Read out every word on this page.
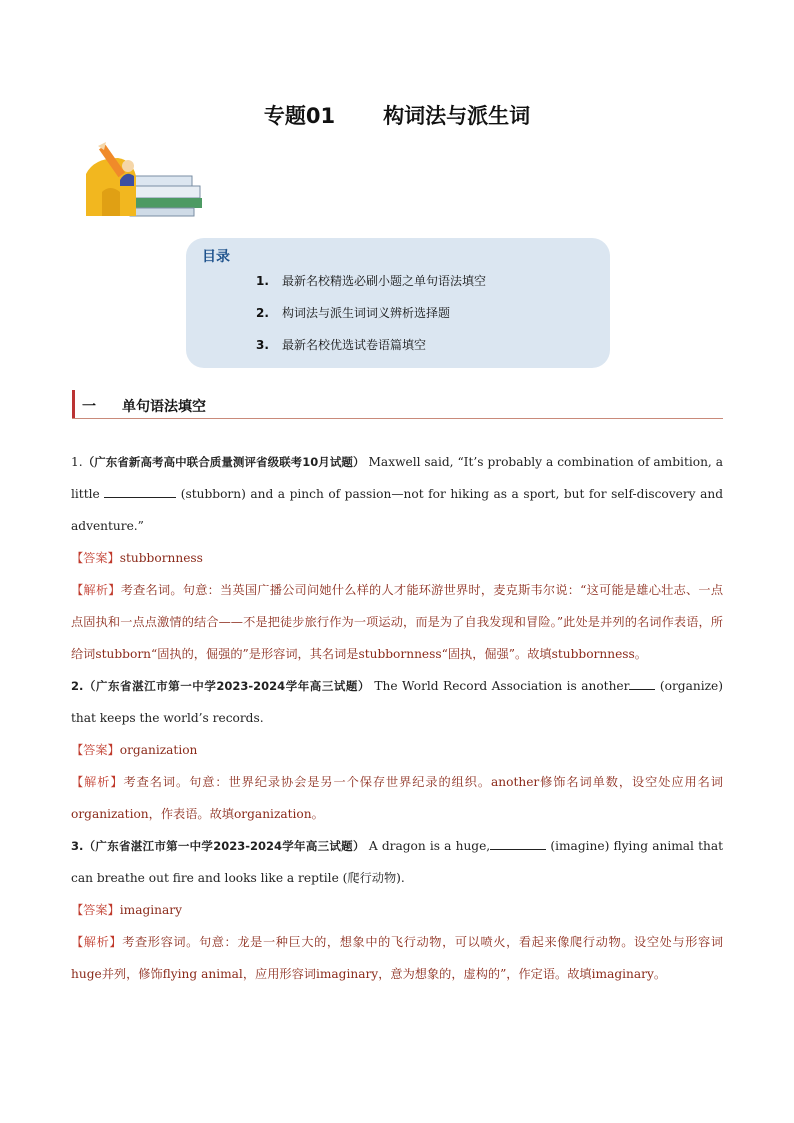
专题01 构词法与派生词
目录
1. 最新名校精选必刷小题之单句语法填空
2. 构词法与派生词词义辨析选择题
3. 最新名校优选试卷语篇填空
一 单句语法填空

1.（广东省新高考高中联合质量测评省级联考10月试题） Maxwell said, “It’s probably a combination of ambition, a little	(stubborn) and a pinch of passion—not for hiking as a sport, but for self-discovery and adventure.”

【答案】stubbornness

【解析】考查名词。句意：当英国广播公司问她什么样的人才能环游世界时，麦克斯韦尔说：“这可能是雄心壮志、一点点固执和一点点激情的结合——不是把徒步旅行作为一项运动，而是为了自我发现和冒险。”此处是并列的名词作表语，所给词stubborn“固执的，倔强的”是形容词，其名词是stubbornness“固执，倔强”。故填stubbornness。

2.（广东省湛江市第一中学2023-2024学年高三试题） The World Record Association is another (organize) that keeps the world’s records.

【答案】organization

【解析】考查名词。句意：世界纪录协会是另一个保存世界纪录的组织。another修饰名词单数，设空处应用名词organization，作表语。故填organization。

3.（广东省湛江市第一中学2023-2024学年高三试题） A dragon is a huge,	(imagine) flying animal that can breathe out fire and looks like a reptile (爬行动物).

【答案】imaginary

【解析】考查形容词。句意：龙是一种巨大的，想象中的飞行动物，可以喷火，看起来像爬行动物。设空处与形容词huge并列，修饰flying animal，应用形容词imaginary，意为想象的，虚构的”，作定语。故填imaginary。
